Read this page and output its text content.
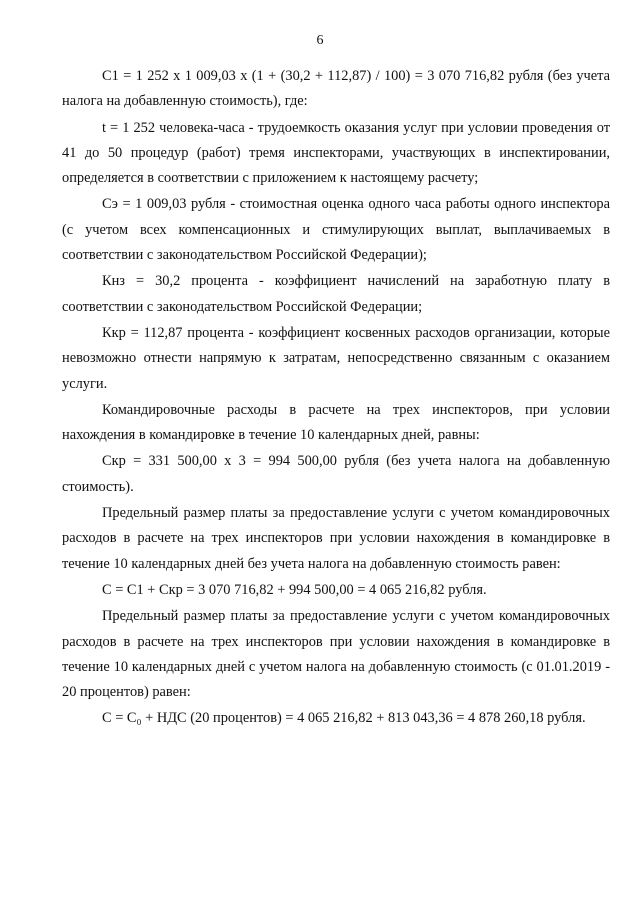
6

С1 = 1 252 х 1 009,03 х (1 + (30,2 + 112,87) / 100) = 3 070 716,82 рубля (без учета налога на добавленную стоимость), где:

t = 1 252 человека-часа - трудоемкость оказания услуг при условии проведения от 41 до 50 процедур (работ) тремя инспекторами, участвующих в инспектировании, определяется в соответствии с приложением к настоящему расчету;

Сэ = 1 009,03 рубля - стоимостная оценка одного часа работы одного инспектора (с учетом всех компенсационных и стимулирующих выплат, выплачиваемых в соответствии с законодательством Российской Федерации);

Кнз = 30,2 процента - коэффициент начислений на заработную плату в соответствии с законодательством Российской Федерации;

Ккр = 112,87 процента - коэффициент косвенных расходов организации, которые невозможно отнести напрямую к затратам, непосредственно связанным с оказанием услуги.

Командировочные расходы в расчете на трех инспекторов, при условии нахождения в командировке в течение 10 календарных дней, равны:

Скр = 331 500,00 х 3 = 994 500,00 рубля (без учета налога на добавленную стоимость).

Предельный размер платы за предоставление услуги с учетом командировочных расходов в расчете на трех инспекторов при условии нахождения в командировке в течение 10 календарных дней без учета налога на добавленную стоимость равен:

С = С1 + Скр = 3 070 716,82 + 994 500,00 = 4 065 216,82 рубля.

Предельный размер платы за предоставление услуги с учетом командировочных расходов в расчете на трех инспекторов при условии нахождения в командировке в течение 10 календарных дней с учетом налога на добавленную стоимость (с 01.01.2019 - 20 процентов) равен:

С = С₀ + НДС (20 процентов) = 4 065 216,82 + 813 043,36 = 4 878 260,18 рубля.
